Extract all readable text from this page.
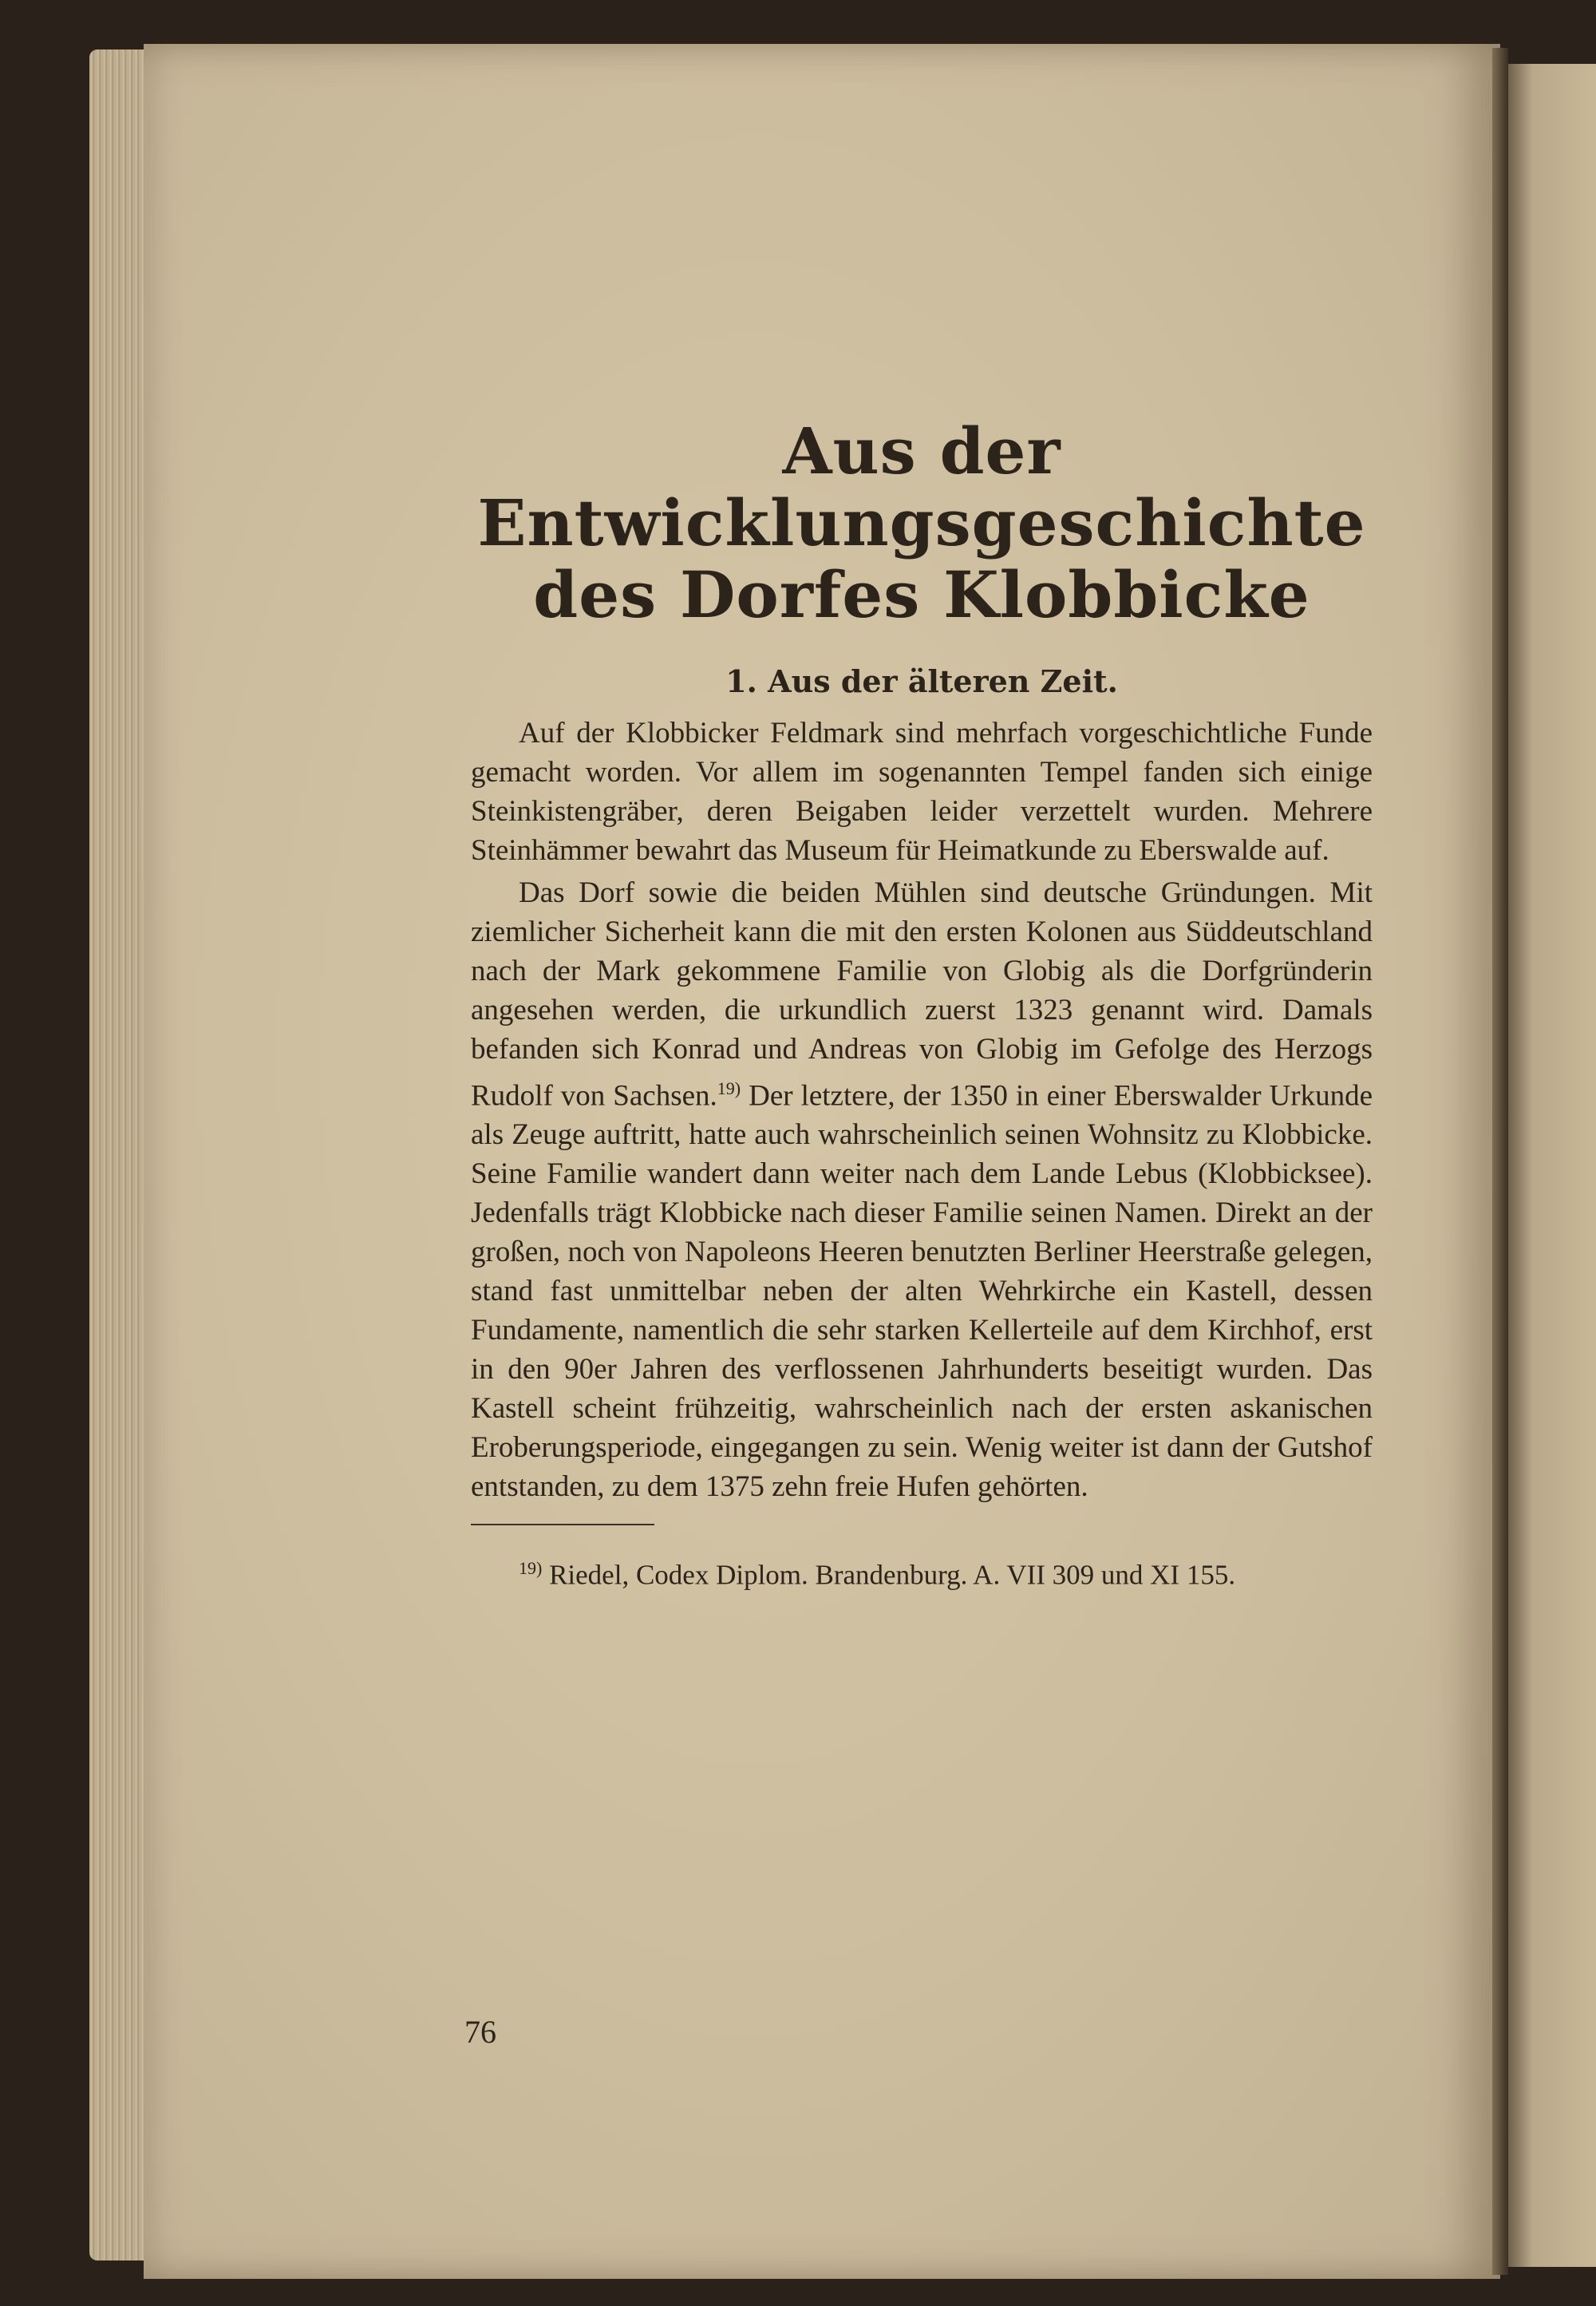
Aus der
Entwicklungsgeschichte
des Dorfes Klobbicke
1. Aus der älteren Zeit.

Auf der Klobbicker Feldmark sind mehrfach vorgeschichtliche Funde gemacht worden. Vor allem im sogenannten Tempel fanden sich einige Steinkistengräber, deren Beigaben leider verzettelt wurden. Mehrere Steinhämmer bewahrt das Museum für Heimatkunde zu Eberswalde auf.

Das Dorf sowie die beiden Mühlen sind deutsche Gründungen. Mit ziemlicher Sicherheit kann die mit den ersten Kolonen aus Süddeutschland nach der Mark gekommene Familie von Globig als die Dorfgründerin angesehen werden, die urkundlich zuerst 1323 genannt wird. Damals befanden sich Konrad und Andreas von Globig im Gefolge des Herzogs Rudolf von Sachsen.$^{19)}$ Der letztere, der 1350 in einer Eberswalder Urkunde als Zeuge auftritt, hatte auch wahrscheinlich seinen Wohnsitz zu Klobbicke. Seine Familie wandert dann weiter nach dem Lande Lebus (Klobbicksee). Jedenfalls trägt Klobbicke nach dieser Familie seinen Namen. Direkt an der großen, noch von Napoleons Heeren benutzten Berliner Heerstraße gelegen, stand fast unmittelbar neben der alten Wehrkirche ein Kastell, dessen Fundamente, namentlich die sehr starken Kellerteile auf dem Kirchhof, erst in den 90er Jahren des verflossenen Jahrhunderts beseitigt wurden. Das Kastell scheint frühzeitig, wahrscheinlich nach der ersten askanischen Eroberungsperiode, eingegangen zu sein. Wenig weiter ist dann der Gutshof entstanden, zu dem 1375 zehn freie Hufen gehörten.

$^{19)}$ Riedel, Codex Diplom. Brandenburg. A. VII 309 und XI 155.

76
